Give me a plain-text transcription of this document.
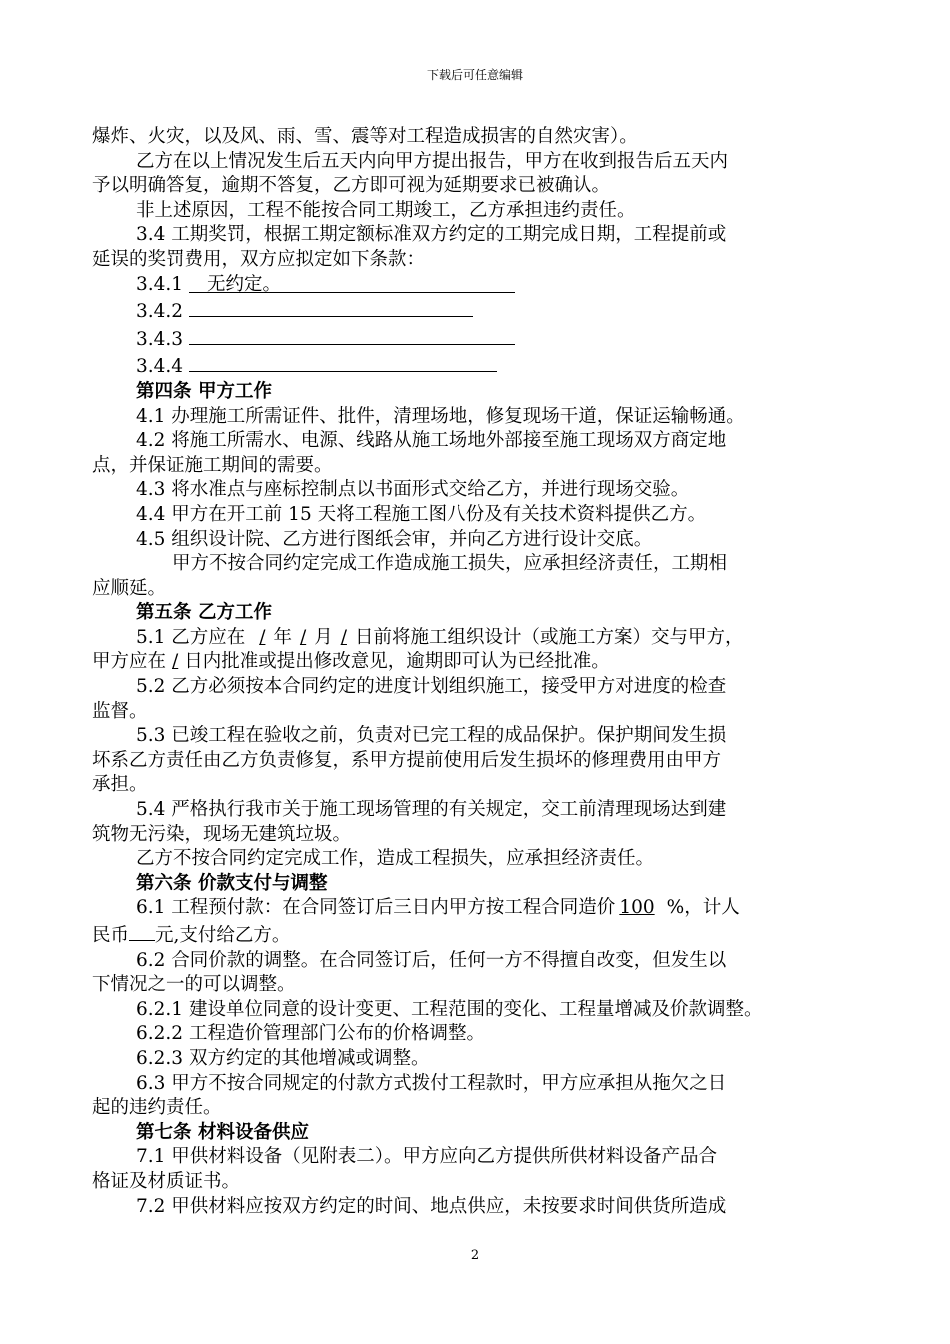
下载后可任意编辑

爆炸、火灾，以及风、雨、雪、震等对工程造成损害的自然灾害）。

乙方在以上情况发生后五天内向甲方提出报告，甲方在收到报告后五天内

予以明确答复，逾期不答复，乙方即可视为延期要求已被确认。

非上述原因，工程不能按合同工期竣工，乙方承担违约责任。

3.4 工期奖罚，根据工期定额标准双方约定的工期完成日期，工程提前或

延误的奖罚费用，双方应拟定如下条款：

3.4.1 无约定。

3.4.2

3.4.3

3.4.4

第四条 甲方工作

4.1 办理施工所需证件、批件，清理场地，修复现场干道，保证运输畅通。

4.2 将施工所需水、电源、线路从施工场地外部接至施工现场双方商定地

点，并保证施工期间的需要。

4.3 将水准点与座标控制点以书面形式交给乙方，并进行现场交验。

4.4 甲方在开工前 15 天将工程施工图八份及有关技术资料提供乙方。

4.5 组织设计院、乙方进行图纸会审，并向乙方进行设计交底。

甲方不按合同约定完成工作造成施工损失，应承担经济责任，工期相

应顺延。

第五条 乙方工作

5.1 乙方应在 / 年 / 月 / 日前将施工组织设计（或施工方案）交与甲方，

甲方应在 / 日内批准或提出修改意见，逾期即可认为已经批准。

5.2 乙方必须按本合同约定的进度计划组织施工，接受甲方对进度的检查

监督。

5.3 已竣工程在验收之前，负责对已完工程的成品保护。保护期间发生损

坏系乙方责任由乙方负责修复，系甲方提前使用后发生损坏的修理费用由甲方

承担。

5.4 严格执行我市关于施工现场管理的有关规定，交工前清理现场达到建

筑物无污染，现场无建筑垃圾。

乙方不按合同约定完成工作，造成工程损失，应承担经济责任。

第六条 价款支付与调整

6.1 工程预付款：在合同签订后三日内甲方按工程合同造价 100 %，计人

民币 元,支付给乙方。

6.2 合同价款的调整。在合同签订后，任何一方不得擅自改变，但发生以

下情况之一的可以调整。

6.2.1 建设单位同意的设计变更、工程范围的变化、工程量增减及价款调整。

6.2.2 工程造价管理部门公布的价格调整。

6.2.3 双方约定的其他增减或调整。

6.3 甲方不按合同规定的付款方式拨付工程款时，甲方应承担从拖欠之日

起的违约责任。

第七条 材料设备供应

7.1 甲供材料设备（见附表二）。甲方应向乙方提供所供材料设备产品合

格证及材质证书。

7.2 甲供材料应按双方约定的时间、地点供应，未按要求时间供货所造成

2
